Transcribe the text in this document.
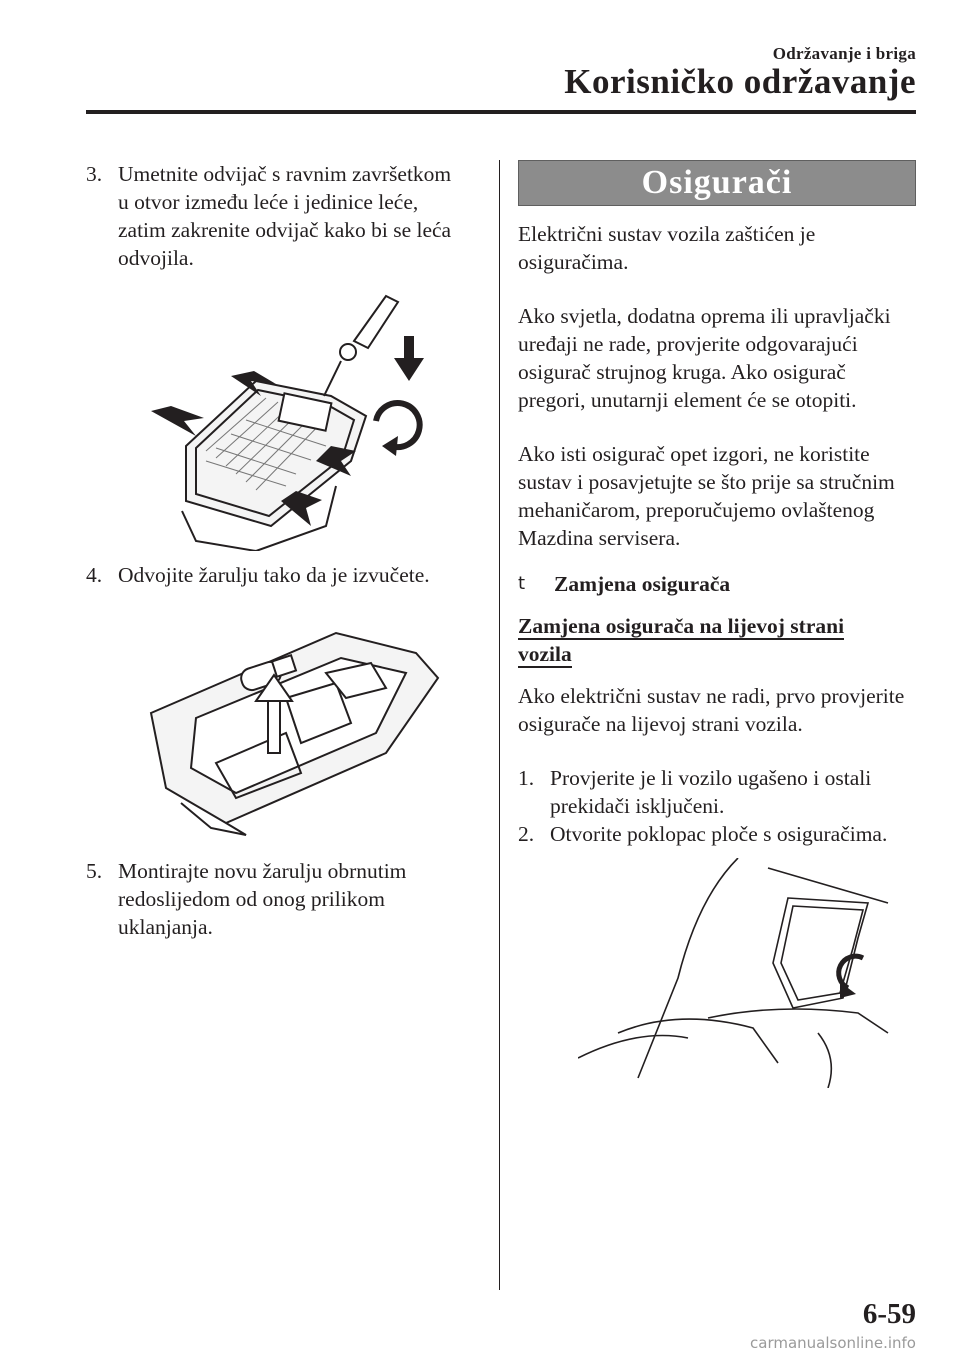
Održavanje i briga
Korisničko održavanje
3. Umetnite odvijač s ravnim završetkom u otvor između leće i jedinice leće, zatim zakrenite odvijač kako bi se leća odvojila.
4. Odvojite žarulju tako da je izvučete.
5. Montirajte novu žarulju obrnutim redoslijedom od onog prilikom uklanjanja.
Osigurači

Električni sustav vozila zaštićen je osiguračima.

Ako svjetla, dodatna oprema ili upravljački uređaji ne rade, provjerite odgovarajući osigurač strujnog kruga. Ako osigurač pregori, unutarnji element će se otopiti.

Ako isti osigurač opet izgori, ne koristite sustav i posavjetujte se što prije sa stručnim mehaničarom, preporučujemo ovlaštenog Mazdina servisera.

t Zamjena osigurača
Zamjena osigurača na lijevoj strani vozila

Ako električni sustav ne radi, prvo provjerite osigurače na lijevoj strani vozila.

1. Provjerite je li vozilo ugašeno i ostali prekidači isključeni.
2. Otvorite poklopac ploče s osiguračima.
6-59
carmanualsonline.info
